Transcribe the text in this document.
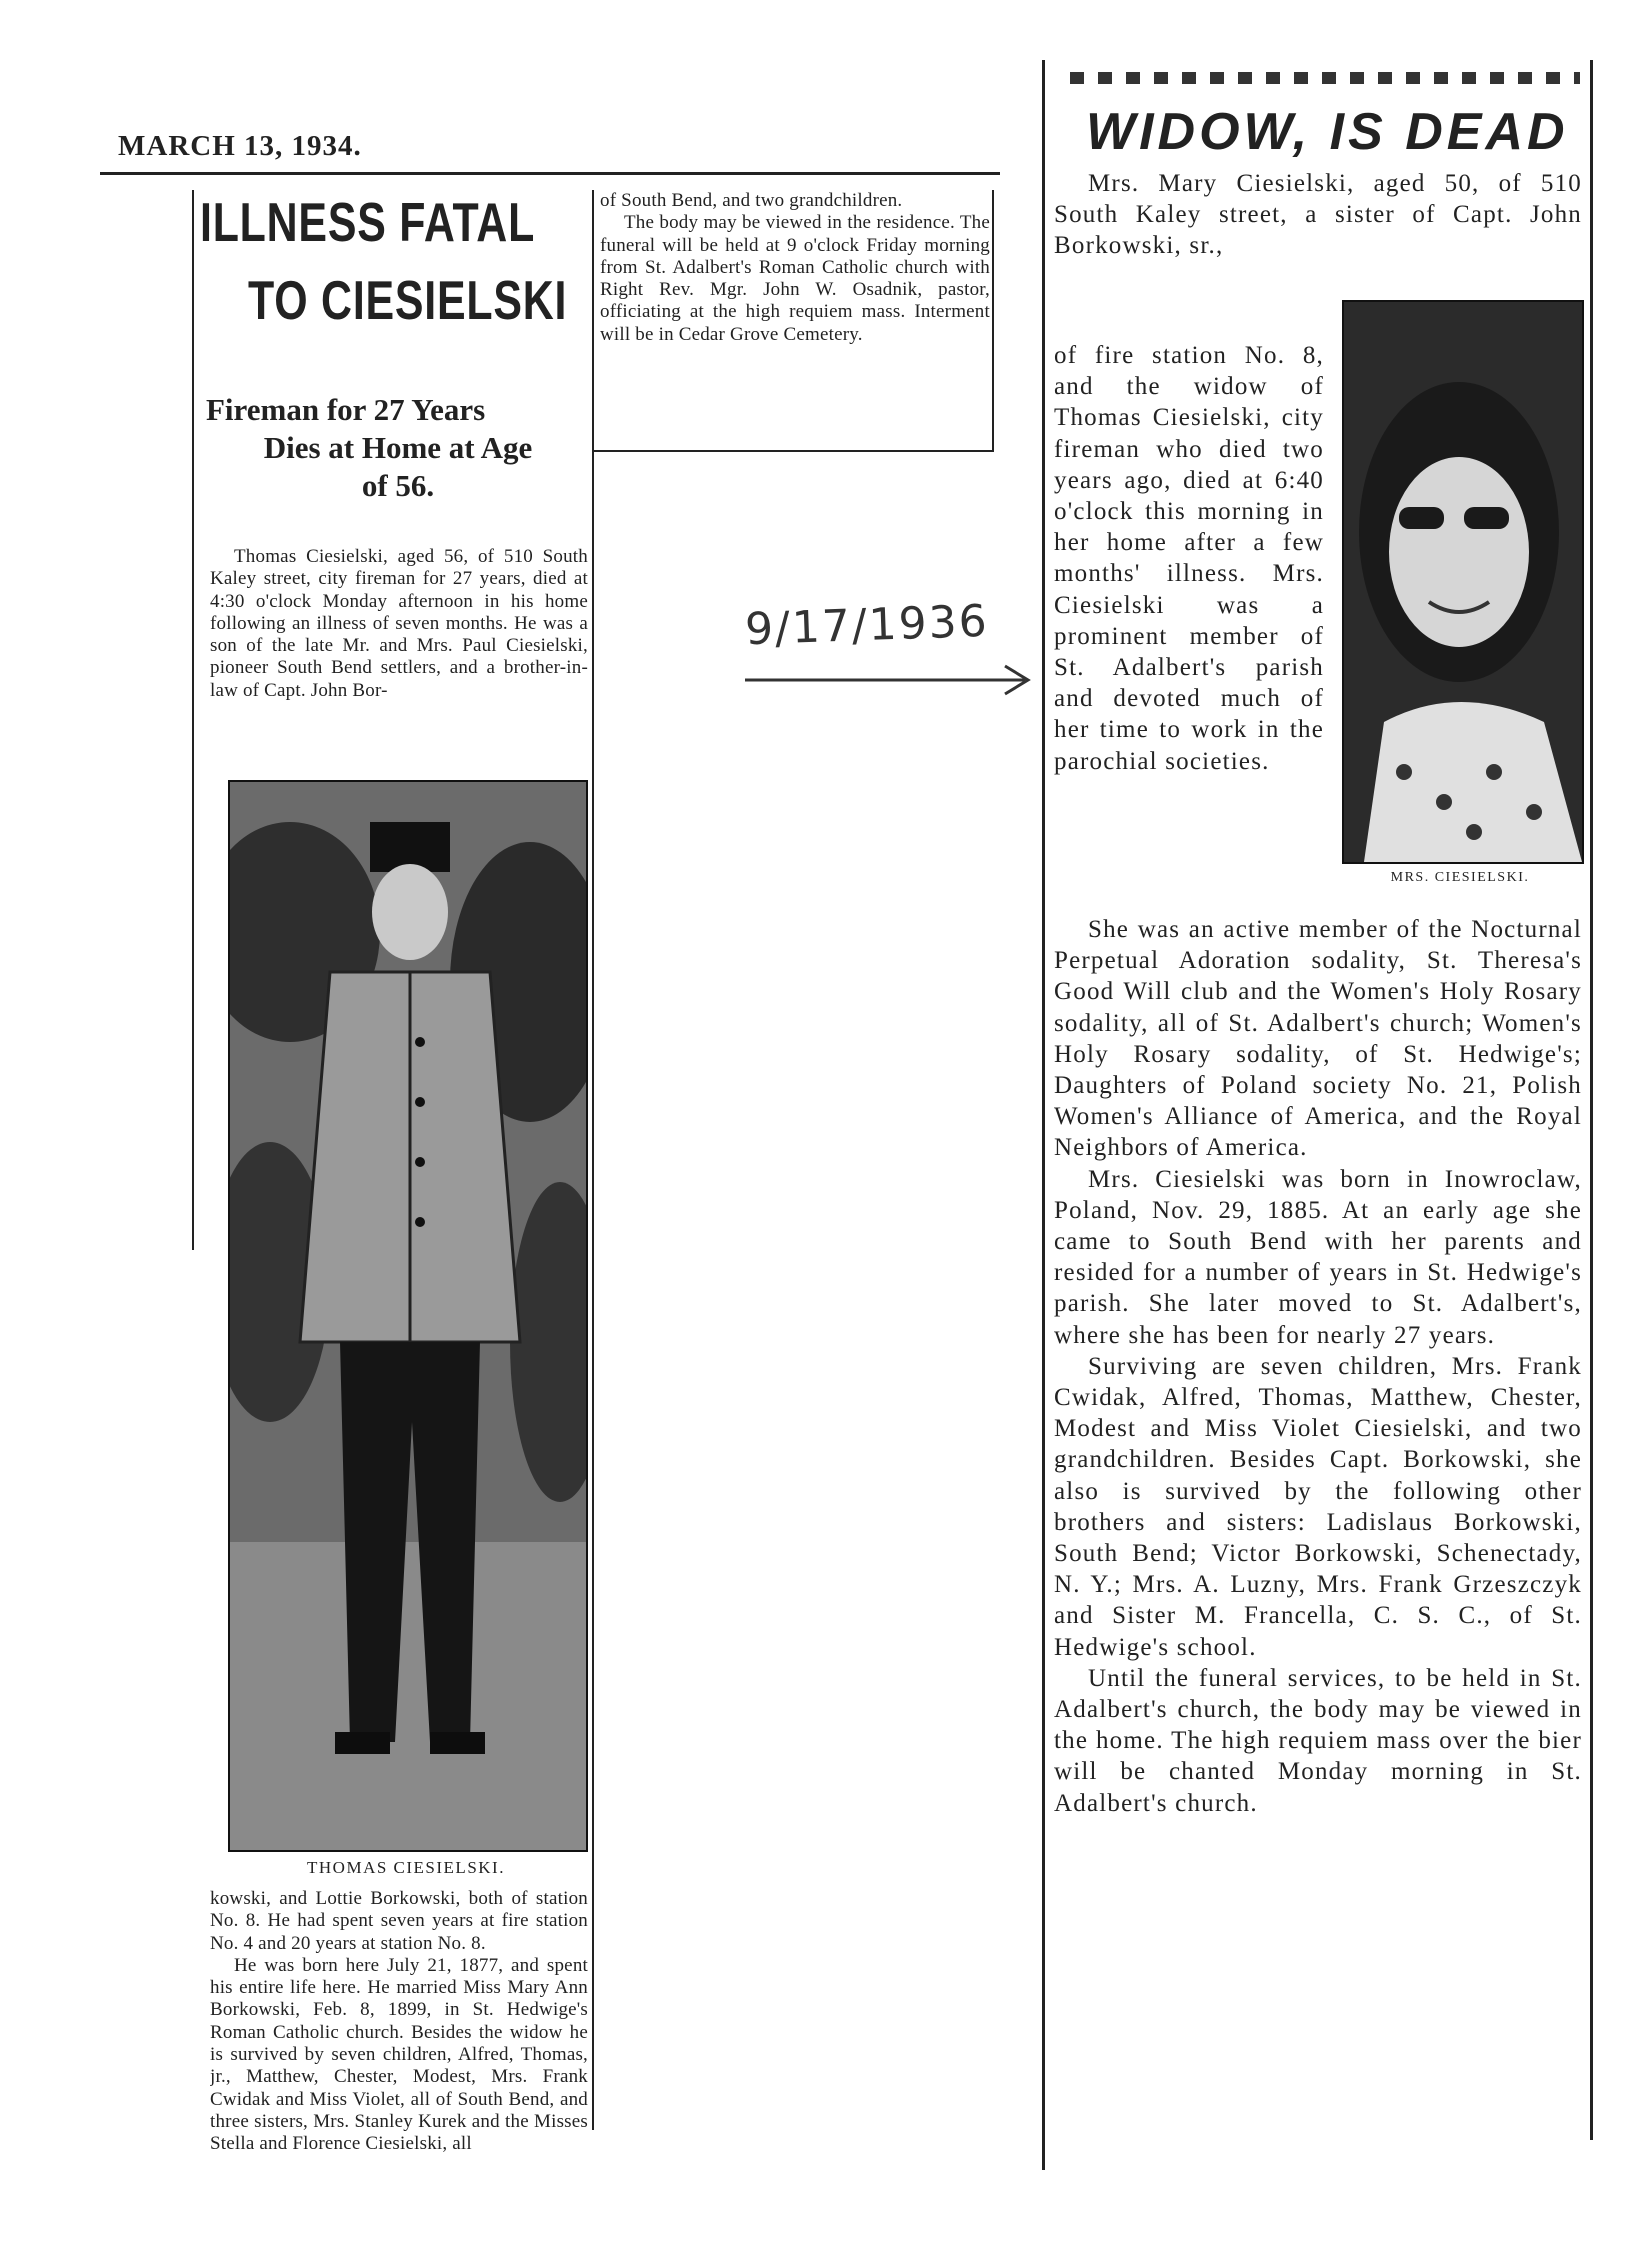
MARCH 13, 1934.
ILLNESS FATAL
TO CIESIELSKI
Fireman for 27 Years
Dies at Home at Age
of 56.

Thomas Ciesielski, aged 56, of 510 South Kaley street, city fireman for 27 years, died at 4:30 o'clock Monday afternoon in his home following an illness of seven months. He was a son of the late Mr. and Mrs. Paul Ciesielski, pioneer South Bend settlers, and a brother-in-law of Capt. John Bor-

THOMAS CIESIELSKI.

kowski, and Lottie Borkowski, both of station No. 8. He had spent seven years at fire station No. 4 and 20 years at station No. 8.

He was born here July 21, 1877, and spent his entire life here. He married Miss Mary Ann Borkowski, Feb. 8, 1899, in St. Hedwige's Roman Catholic church. Besides the widow he is survived by seven children, Alfred, Thomas, jr., Matthew, Chester, Modest, Mrs. Frank Cwidak and Miss Violet, all of South Bend, and three sisters, Mrs. Stanley Kurek and the Misses Stella and Florence Ciesielski, all

of South Bend, and two grandchildren.

The body may be viewed in the residence. The funeral will be held at 9 o'clock Friday morning from St. Adalbert's Roman Catholic church with Right Rev. Mgr. John W. Osadnik, pastor, officiating at the high requiem mass. Interment will be in Cedar Grove Cemetery.

9/17/1936
WIDOW, IS DEAD

Mrs. Mary Ciesielski, aged 50, of 510 South Kaley street, a sister of Capt. John Borkowski, sr.,

MRS. CIESIELSKI.

of fire station No. 8, and the widow of Thomas Ciesielski, city fireman who died two years ago, died at 6:40 o'clock this morning in her home after a few months' illness. Mrs. Ciesielski was a prominent member of St. Adalbert's parish and devoted much of her time to work in the parochial societies.

She was an active member of the Nocturnal Perpetual Adoration sodality, St. Theresa's Good Will club and the Women's Holy Rosary sodality, all of St. Adalbert's church; Women's Holy Rosary sodality, of St. Hedwige's; Daughters of Poland society No. 21, Polish Women's Alliance of America, and the Royal Neighbors of America.

Mrs. Ciesielski was born in Inowroclaw, Poland, Nov. 29, 1885. At an early age she came to South Bend with her parents and resided for a number of years in St. Hedwige's parish. She later moved to St. Adalbert's, where she has been for nearly 27 years.

Surviving are seven children, Mrs. Frank Cwidak, Alfred, Thomas, Matthew, Chester, Modest and Miss Violet Ciesielski, and two grandchildren. Besides Capt. Borkowski, she also is survived by the following other brothers and sisters: Ladislaus Borkowski, South Bend; Victor Borkowski, Schenectady, N. Y.; Mrs. A. Luzny, Mrs. Frank Grzeszczyk and Sister M. Francella, C. S. C., of St. Hedwige's school.

Until the funeral services, to be held in St. Adalbert's church, the body may be viewed in the home. The high requiem mass over the bier will be chanted Monday morning in St. Adalbert's church.
